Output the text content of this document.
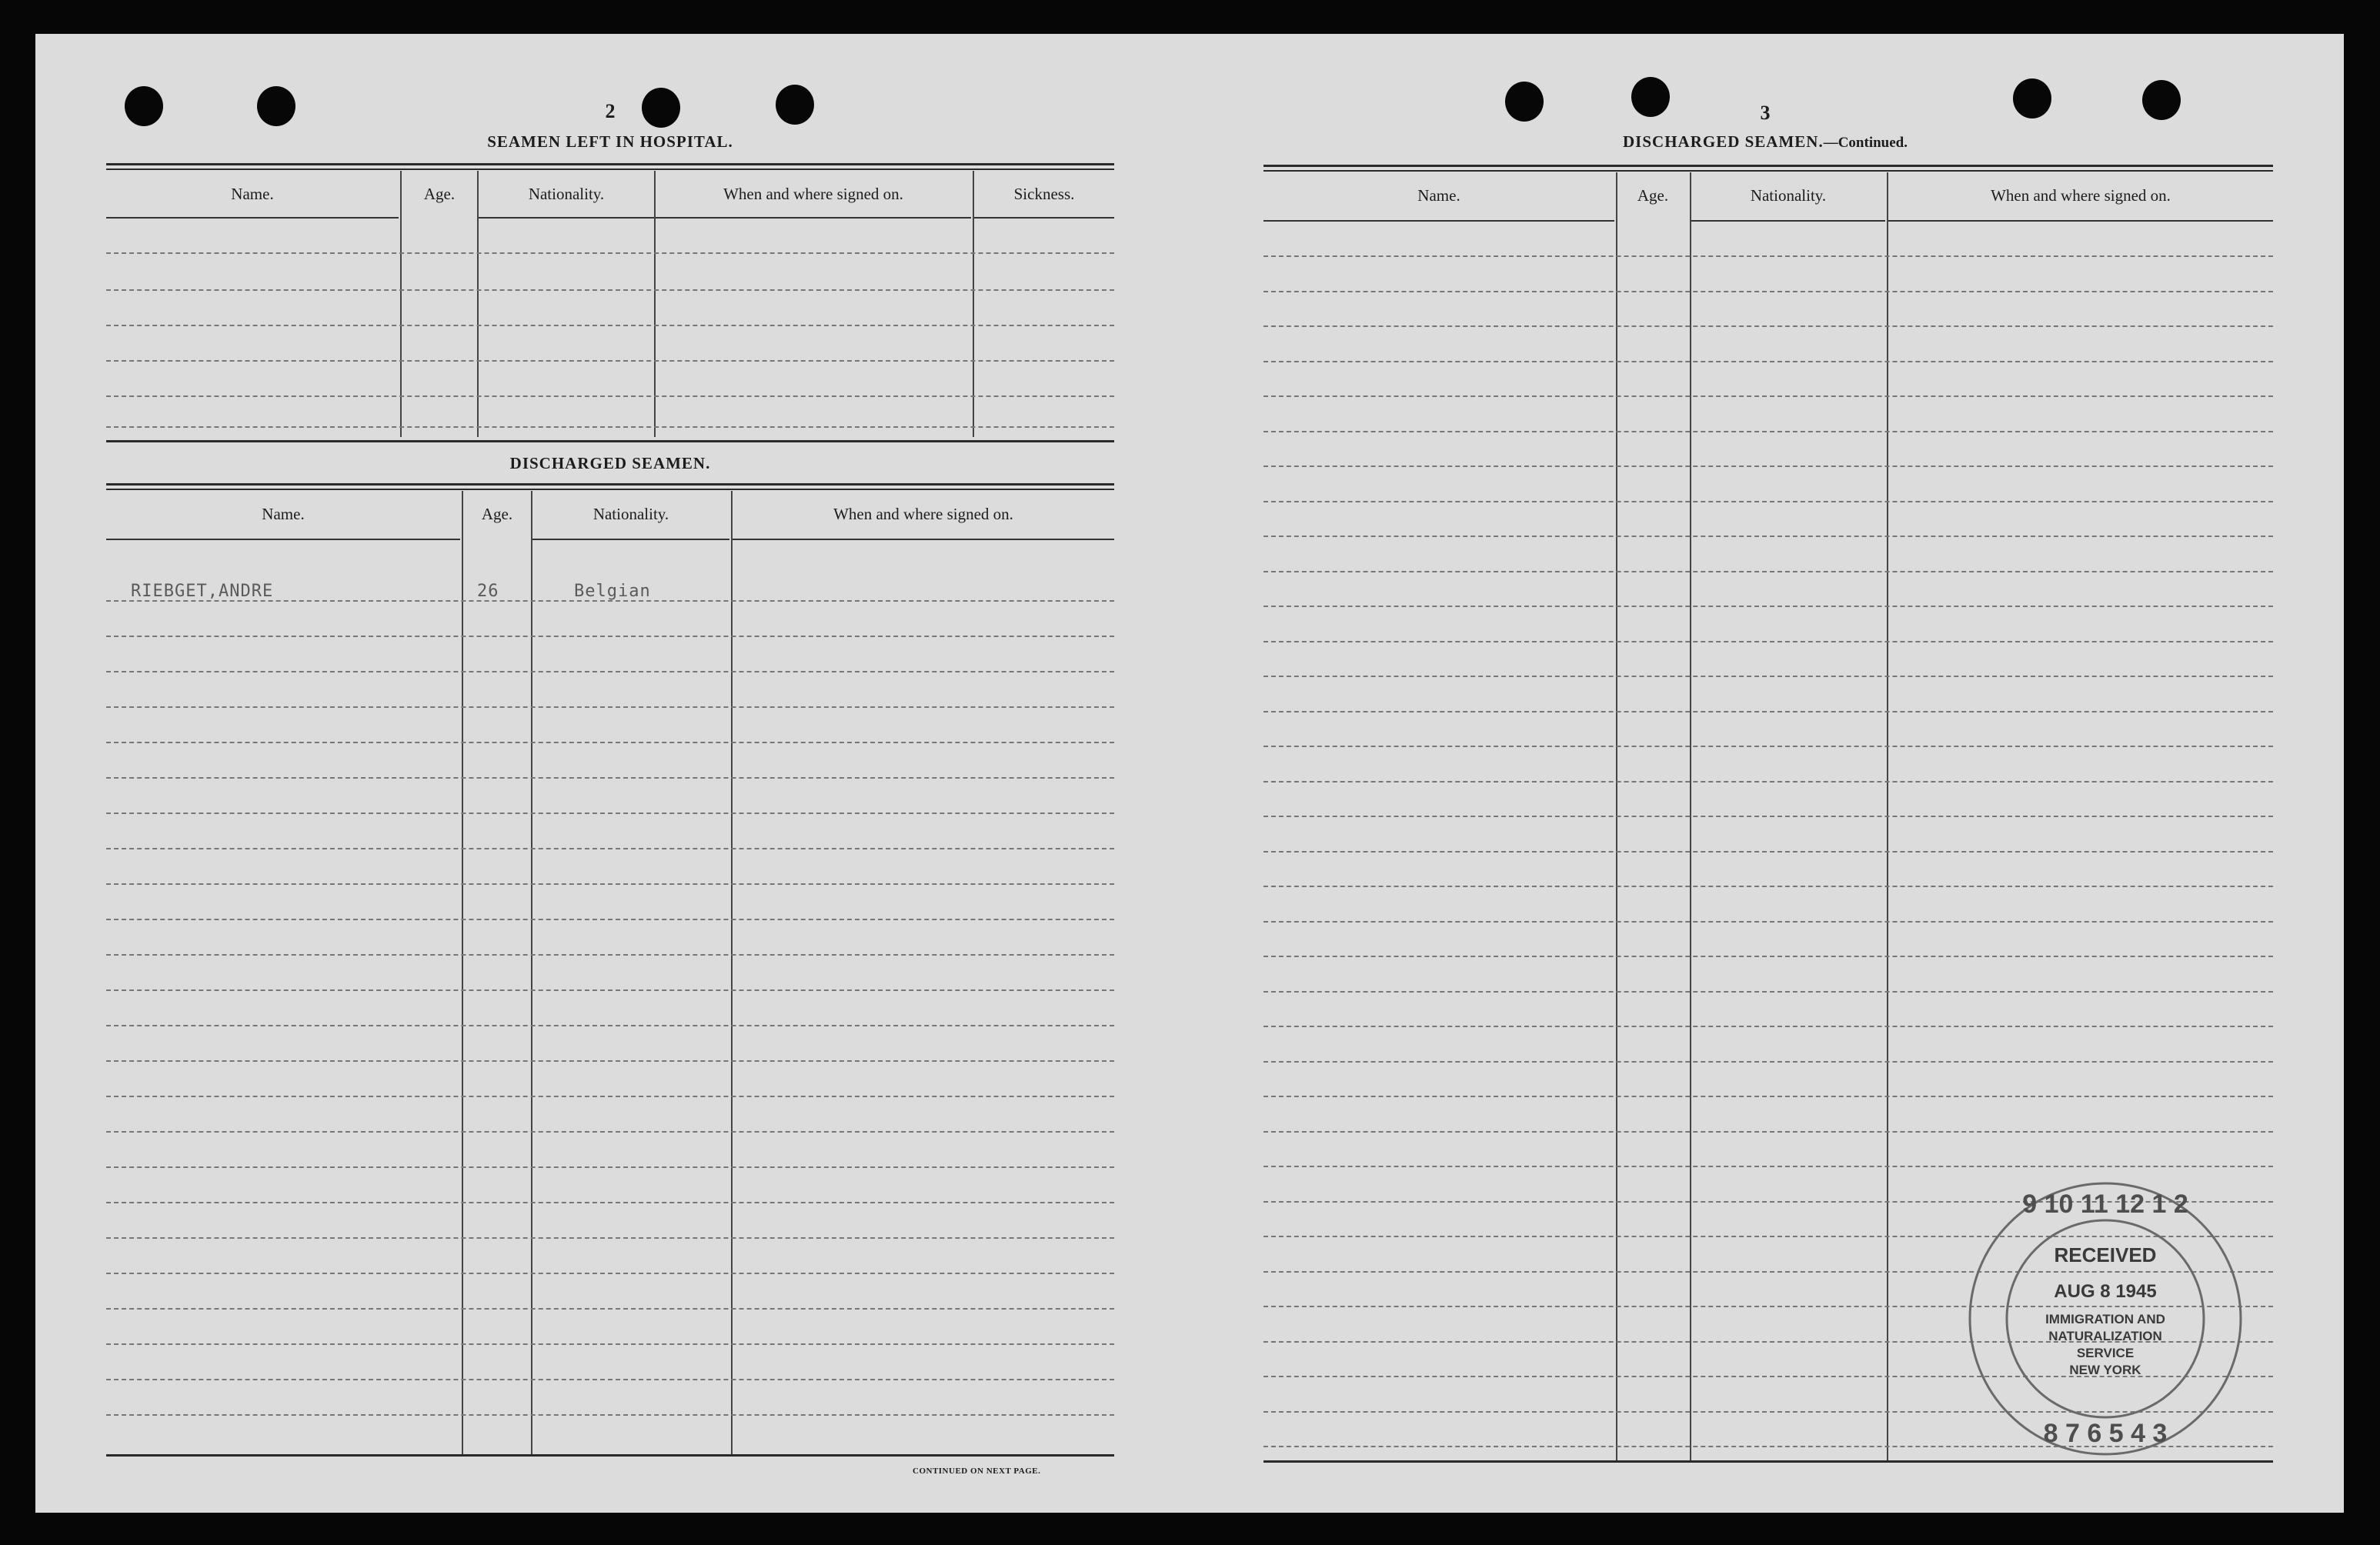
2
SEAMEN LEFT IN HOSPITAL.
Name.	Age.	Nationality.	When and where signed on.	Sickness.
DISCHARGED SEAMEN.
Name.	Age.	Nationality.	When and where signed on.
RIEBGET,ANDRE	26	Belgian
CONTINUED ON NEXT PAGE.
3
DISCHARGED SEAMEN.—Continued.
Name.	Age.	Nationality.	When and where signed on.
9 10 11 12 1 2
8 7 6 5 4 3
RECEIVED
AUG 8 1945
IMMIGRATION AND
NATURALIZATION
SERVICE
NEW YORK
